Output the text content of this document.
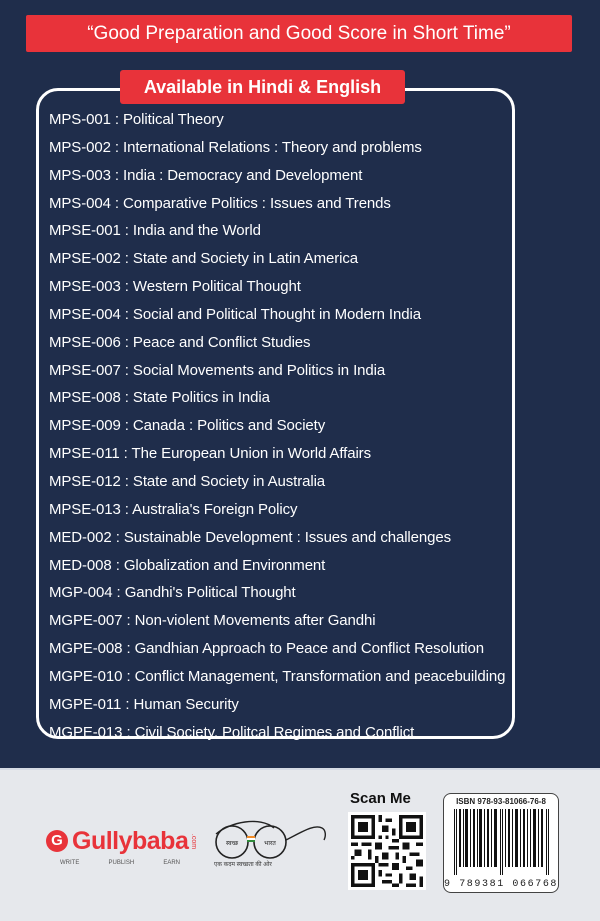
“Good Preparation and Good Score in Short Time”
Available in Hindi & English
MPS-001 : Political Theory
MPS-002 : International Relations : Theory and problems
MPS-003 : India : Democracy and Development
MPS-004 : Comparative Politics : Issues and Trends
MPSE-001 : India and the World
MPSE-002 : State and Society in Latin America
MPSE-003 : Western Political Thought
MPSE-004 : Social and Political Thought in Modern India
MPSE-006 : Peace and Conflict Studies
MPSE-007 : Social Movements and Politics in India
MPSE-008 : State Politics in India
MPSE-009 : Canada : Politics and Society
MPSE-011 : The European Union in World Affairs
MPSE-012 : State and Society in Australia
MPSE-013 : Australia's Foreign Policy
MED-002 : Sustainable Development : Issues and challenges
MED-008 : Globalization and Environment
MGP-004 : Gandhi's Political Thought
MGPE-007 : Non-violent Movements after Gandhi
MGPE-008 : Gandhian Approach to Peace and Conflict Resolution
MGPE-010 : Conflict Management, Transformation and peacebuilding
MGPE-011 : Human Security
MGPE-013 : Civil Society, Politcal Regimes and Conflict
G
Gullybaba .com
WRITE	PUBLISH	EARN
स्वच्छ	भारत
एक कदम स्वच्छता की ओर
Scan Me	ISBN 978-93-81066-76-8
9 789381 066768
